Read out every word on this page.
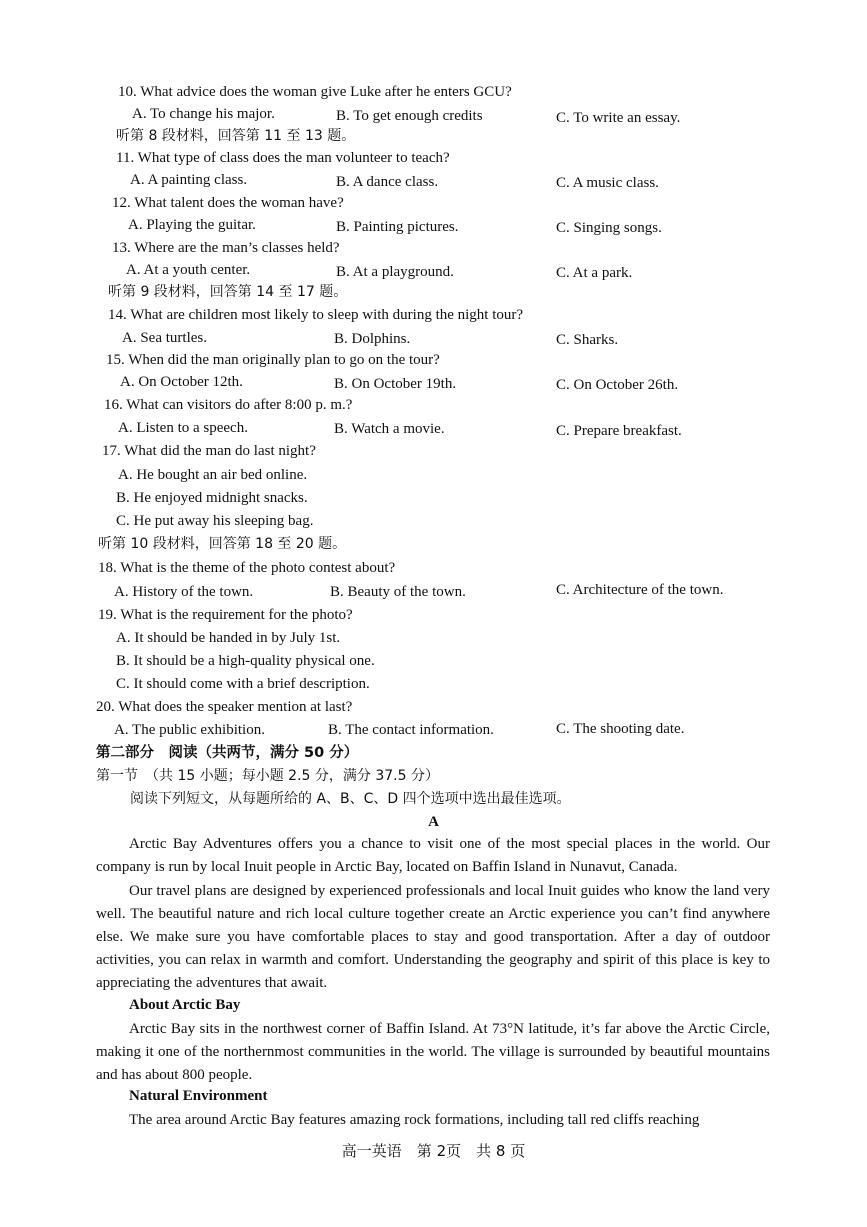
10. What advice does the woman give Luke after he enters GCU?
A. To change his major.	B. To get enough credits	C. To write an essay.
听第 8 段材料，回答第 11 至 13 题。
11. What type of class does the man volunteer to teach?
A. A painting class.	B. A dance class.	C. A music class.
12. What talent does the woman have?
A. Playing the guitar.	B. Painting pictures.	C. Singing songs.
13. Where are the man’s classes held?
A. At a youth center.	B. At a playground.	C. At a park.
听第 9 段材料，回答第 14 至 17 题。
14. What are children most likely to sleep with during the night tour?
A. Sea turtles.	B. Dolphins.	C. Sharks.
15. When did the man originally plan to go on the tour?
A. On October 12th.	B. On October 19th.	C. On October 26th.
16. What can visitors do after 8:00 p. m.?
A. Listen to a speech.	B. Watch a movie.	C. Prepare breakfast.
17. What did the man do last night?
A. He bought an air bed online.
B. He enjoyed midnight snacks.
C. He put away his sleeping bag.
听第 10 段材料，回答第 18 至 20 题。
18. What is the theme of the photo contest about?
A. History of the town.	B. Beauty of the town.	C. Architecture of the town.
19. What is the requirement for the photo?
A. It should be handed in by July 1st.
B. It should be a high-quality physical one.
C. It should come with a brief description.
20. What does the speaker mention at last?
A. The public exhibition.	B. The contact information.	C. The shooting date.
第二部分　阅读（共两节，满分 50 分）
第一节　（共 15 小题；每小题 2.5 分，满分 37.5 分）
阅读下列短文，从每题所给的 A、B、C、D 四个选项中选出最佳选项。
A
Arctic Bay Adventures offers you a chance to visit one of the most special places in the world. Our company is run by local Inuit people in Arctic Bay, located on Baffin Island in Nunavut, Canada.
Our travel plans are designed by experienced professionals and local Inuit guides who know the land very well. The beautiful nature and rich local culture together create an Arctic experience you can’t find anywhere else. We make sure you have comfortable places to stay and good transportation. After a day of outdoor activities, you can relax in warmth and comfort. Understanding the geography and spirit of this place is key to appreciating the adventures that await.
About Arctic Bay
Arctic Bay sits in the northwest corner of Baffin Island. At 73°N latitude, it’s far above the Arctic Circle, making it one of the northernmost communities in the world. The village is surrounded by beautiful mountains and has about 800 people.
Natural Environment
The area around Arctic Bay features amazing rock formations, including tall red cliffs reaching
高一英语　第 2页　共 8 页
